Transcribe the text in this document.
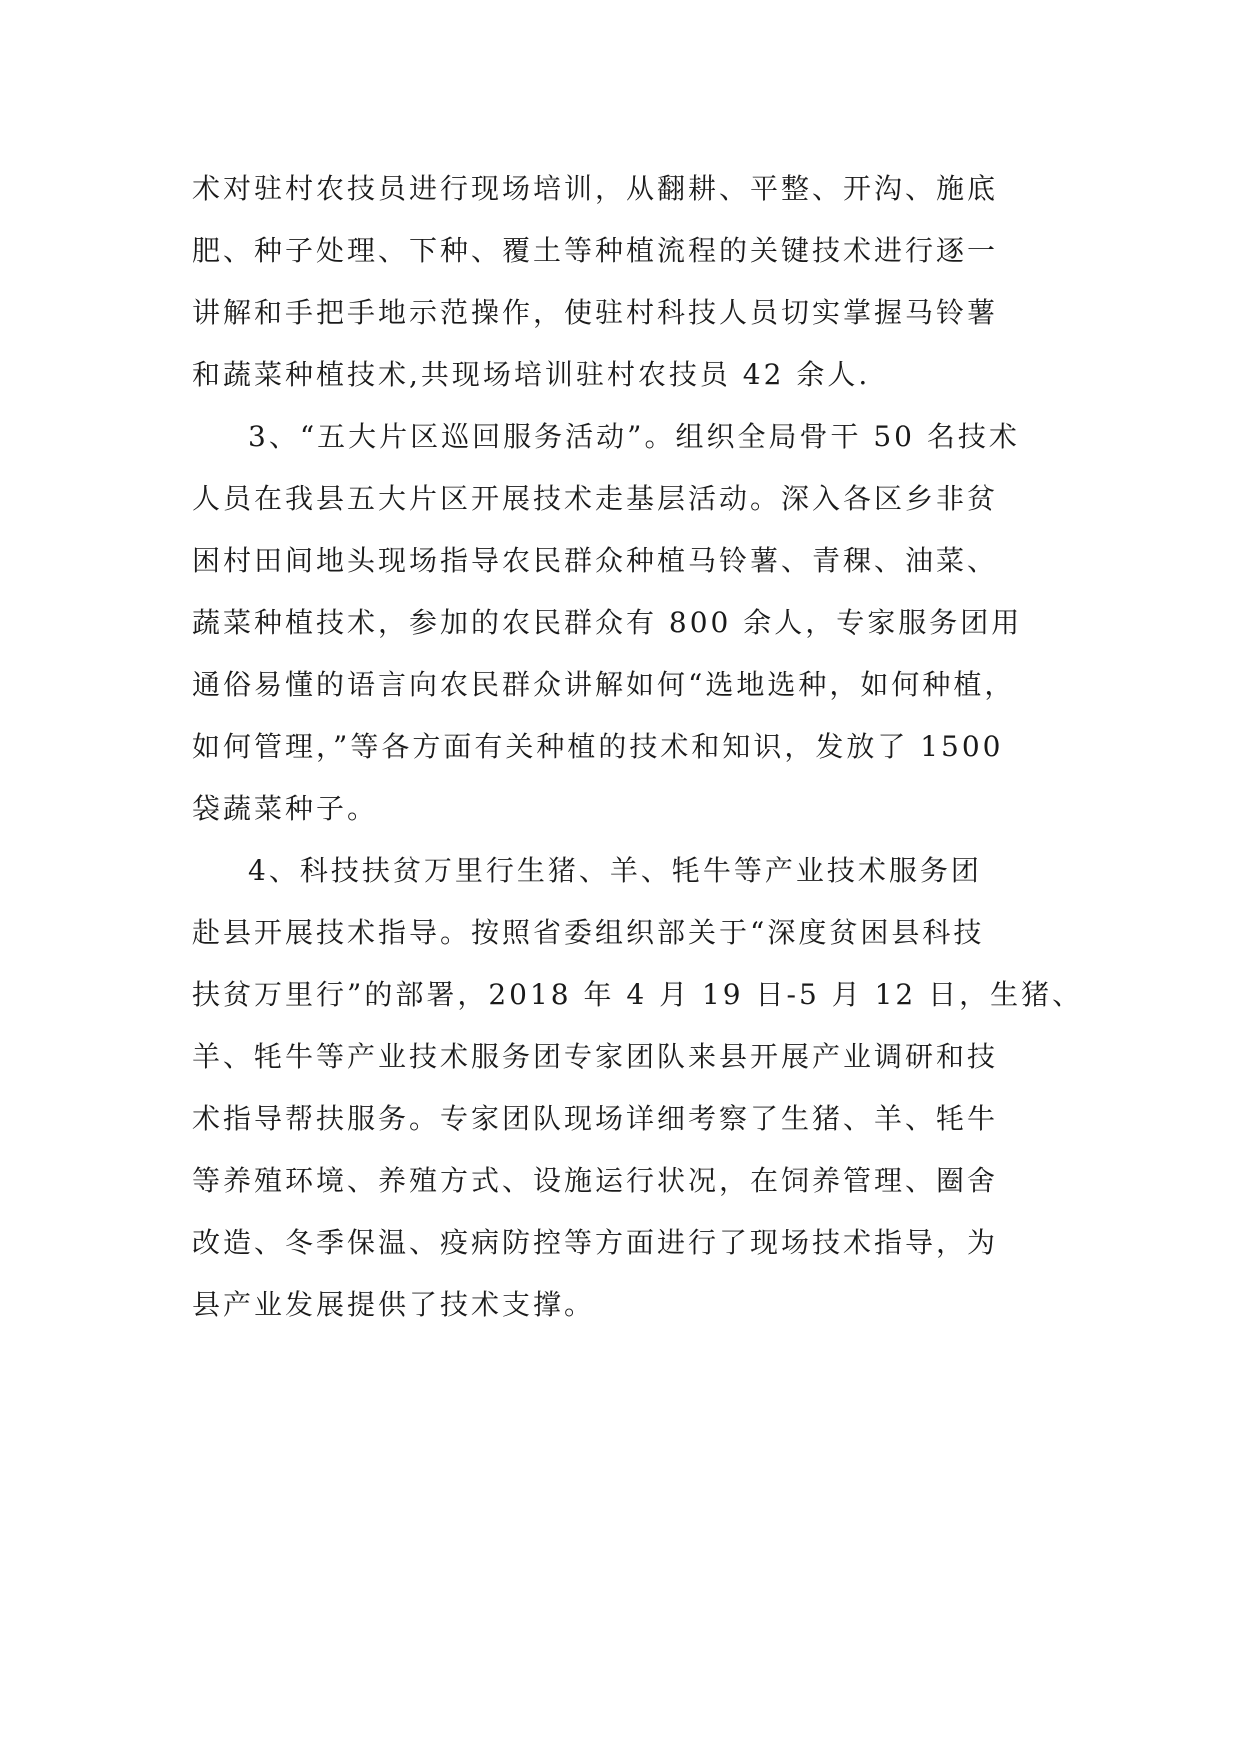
术对驻村农技员进行现场培训，从翻耕、平整、开沟、施底
肥、种子处理、下种、覆土等种植流程的关键技术进行逐一
讲解和手把手地示范操作，使驻村科技人员切实掌握马铃薯
和蔬菜种植技术,共现场培训驻村农技员 42 余人.
3、“五大片区巡回服务活动”。组织全局骨干 50 名技术
人员在我县五大片区开展技术走基层活动。深入各区乡非贫
困村田间地头现场指导农民群众种植马铃薯、青稞、油菜、
蔬菜种植技术，参加的农民群众有 800 余人，专家服务团用
通俗易懂的语言向农民群众讲解如何“选地选种，如何种植，
如何管理，”等各方面有关种植的技术和知识，发放了 1500
袋蔬菜种子。
4、科技扶贫万里行生猪、羊、牦牛等产业技术服务团
赴县开展技术指导。按照省委组织部关于“深度贫困县科技
扶贫万里行”的部署，2018 年 4 月 19 日-5 月 12 日，生猪、
羊、牦牛等产业技术服务团专家团队来县开展产业调研和技
术指导帮扶服务。专家团队现场详细考察了生猪、羊、牦牛
等养殖环境、养殖方式、设施运行状况，在饲养管理、圈舍
改造、冬季保温、疫病防控等方面进行了现场技术指导，为
县产业发展提供了技术支撑。
